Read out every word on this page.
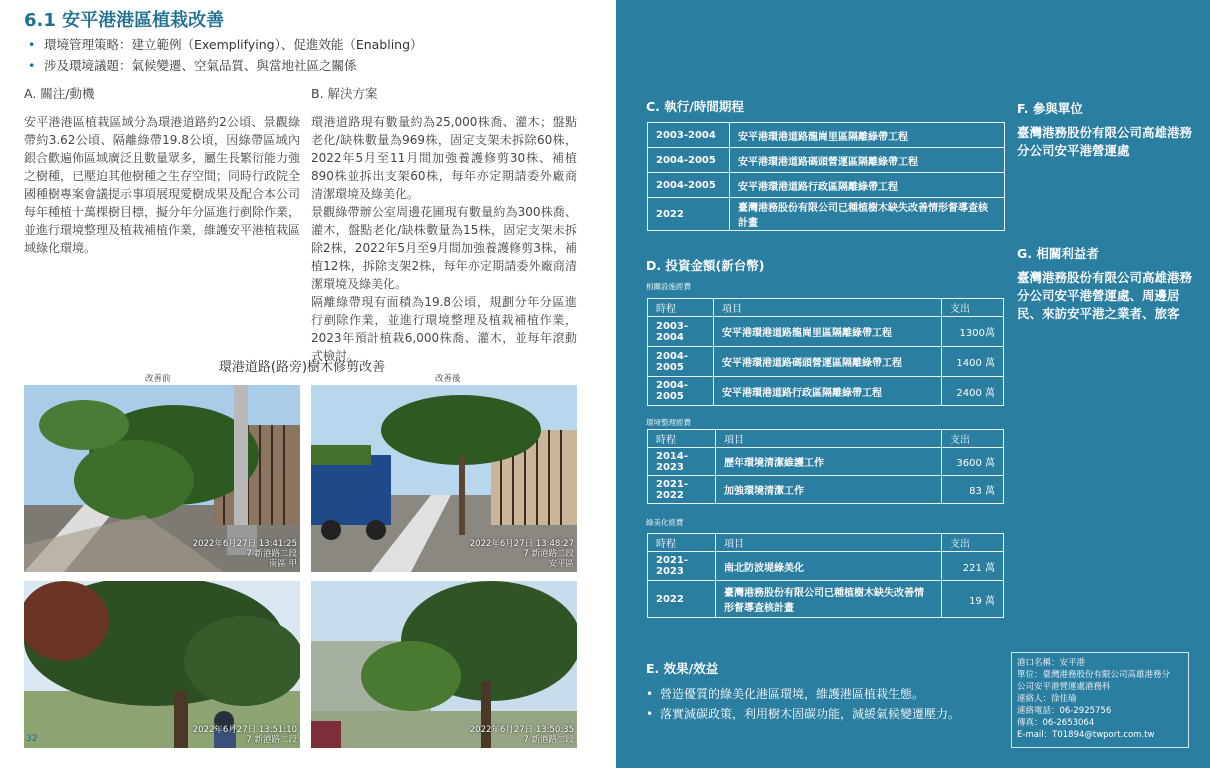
6.1 安平港港區植栽改善
• 環境管理策略：建立範例（Exemplifying）、促進效能（Enabling）
• 涉及環境議題：氣候變遷、空氣品質、與當地社區之關係
A. 關注/動機	B. 解決方案

安平港港區植栽區域分為環港道路約2公頃、景觀綠帶約3.62公頃、隔離綠帶19.8公頃，因綠帶區域內銀合歡遍佈區域廣泛且數量眾多，屬生長繁衍能力強之樹種，已壓迫其他樹種之生存空間；同時行政院全國種樹專案會議提示事項展現愛樹成果及配合本公司每年種植十萬棵樹目標，擬分年分區進行剷除作業，並進行環境整理及植栽補植作業，維護安平港植栽區域綠化環境。

環港道路現有數量約為25,000株喬、灌木；盤點老化/缺株數量為969株，固定支架未拆除60株，2022年5月至11月間加強養護修剪30株、補植890株並拆出支架60株，每年亦定期請委外廠商清潔環境及綠美化。

景觀綠帶辦公室周邊花圃現有數量約為300株喬、灌木，盤點老化/缺株數量為15株，固定支架未拆除2株，2022年5月至9月間加強養護修剪3株，補植12株，拆除支架2株，每年亦定期請委外廠商清潔環境及綠美化。

隔離綠帶現有面積為19.8公頃，規劃分年分區進行剷除作業，並進行環境整理及植栽補植作業，2023年預計植栽6,000株喬、灌木，並每年滾動式檢討。

環港道路(路旁)樹木修剪改善
改善前	改善後
2022年6月27日 13:41:25
7 新港路二段
南區 甲
2022年6月27日 13:48:27
7 新港路二段
安平區
2022年6月27日 13:51:10
7 新港路二段
2022年6月27日 13:50:35
7 新港路二段
32
C. 執行/時間期程
2003-2004	安平港環港道路龍崗里區隔離綠帶工程
2004-2005	安平港環港道路碼頭營運區隔離綠帶工程
2004-2005	安平港環港道路行政區隔離綠帶工程
2022	臺灣港務股份有限公司已種植樹木缺失改善情形督導查核計畫
D. 投資金額(新台幣)
相關設施經費
時程	項目	支出
2003-2004	安平港環港道路龍崗里區隔離綠帶工程	1300萬
2004-2005	安平港環港道路碼頭營運區隔離綠帶工程	1400 萬
2004-2005	安平港環港道路行政區隔離綠帶工程	2400 萬
環境整理經費
時程	項目	支出
2014-2023	歷年環境清潔維護工作	3600 萬
2021-2022	加強環境清潔工作	83 萬
綠美化經費
時程	項目	支出
2021-2023	南北防波堤綠美化	221 萬
2022	臺灣港務股份有限公司已種植樹木缺失改善情形督導查核計畫	19 萬
E. 效果/效益
• 營造優質的綠美化港區環境，維護港區植栽生態。
• 落實減碳政策，利用樹木固碳功能，減緩氣候變遷壓力。
F. 參與單位
臺灣港務股份有限公司高雄港務分公司安平港營運處
G. 相關利益者
臺灣港務股份有限公司高雄港務分公司安平港營運處、周邊居民、來訪安平港之業者、旅客
港口名稱：安平港
單位：臺灣港務股份有限公司高雄港務分
公司安平港營運處港務科
連絡人：徐佳瑜
連絡電話：06-2925756
傳真：06-2653064
E-mail：T01894@twport.com.tw
